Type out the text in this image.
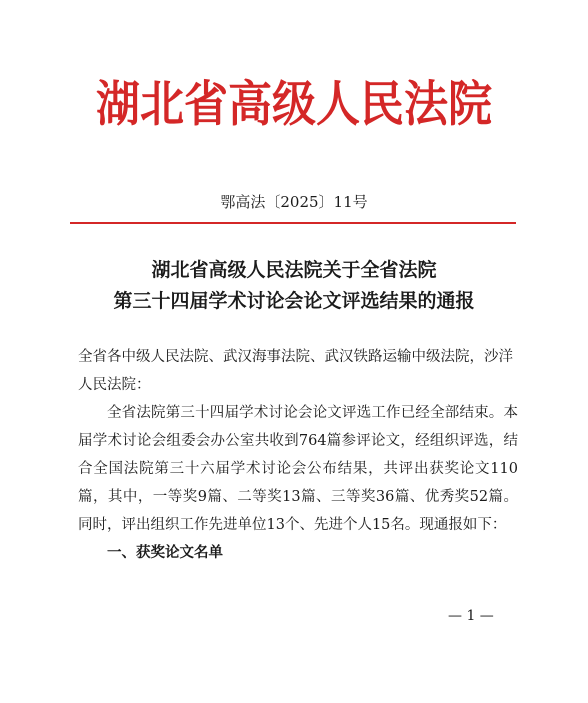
湖北省高级人民法院
鄂高法〔2025〕11号
湖北省高级人民法院关于全省法院
第三十四届学术讨论会论文评选结果的通报

全省各中级人民法院、武汉海事法院、武汉铁路运输中级法院，沙洋人民法院：

全省法院第三十四届学术讨论会论文评选工作已经全部结束。本届学术讨论会组委会办公室共收到764篇参评论文，经组织评选，结合全国法院第三十六届学术讨论会公布结果，共评出获奖论文110篇，其中，一等奖9篇、二等奖13篇、三等奖36篇、优秀奖52篇。同时，评出组织工作先进单位13个、先进个人15名。现通报如下：

一、获奖论文名单

— 1 —
